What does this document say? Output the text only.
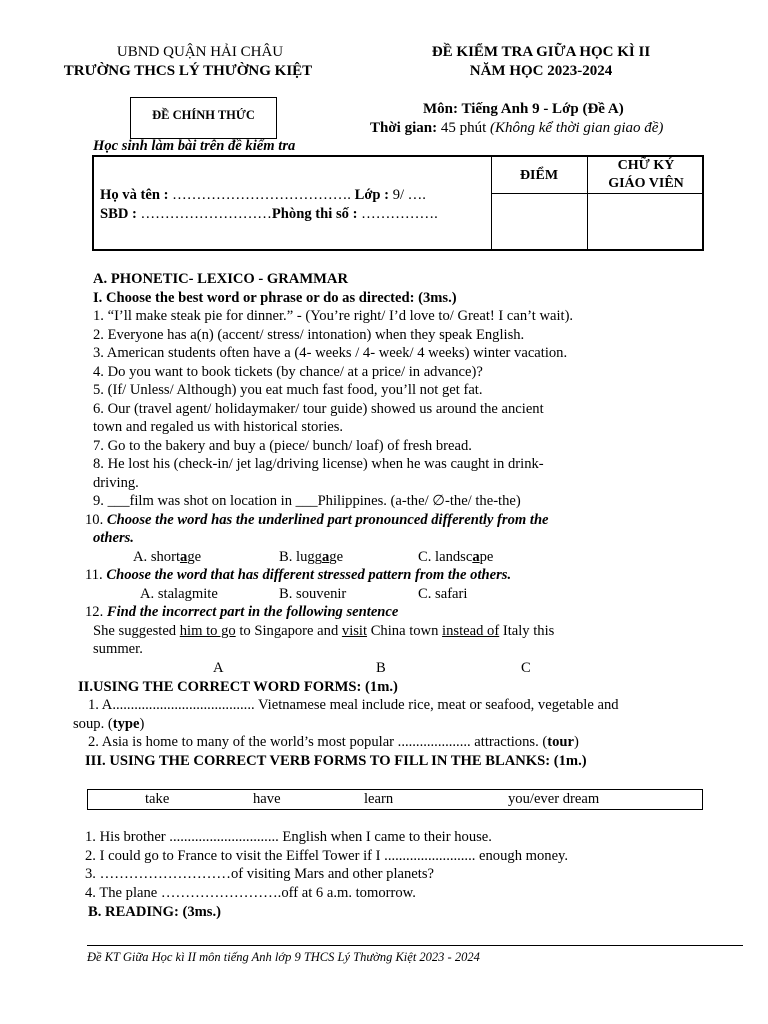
UBND QUẬN HẢI CHÂU
TRƯỜNG THCS LÝ THƯỜNG KIỆT
ĐỀ KIỂM TRA GIỮA HỌC KÌ II
NĂM HỌC 2023-2024
ĐỀ CHÍNH THỨC	Môn: Tiếng Anh 9 - Lớp (Đề A)
Thời gian: 45 phút (Không kể thời gian giao đề)
Học sinh làm bài trên đề kiểm tra
Họ và tên : ………………………………. Lớp : 9/ ….
SBD : ………………………Phòng thi số : …………….
ĐIỂM
CHỮ KÝ
GIÁO VIÊN
A. PHONETIC- LEXICO - GRAMMAR
I. Choose the best word or phrase or do as directed: (3ms.)
1. “I’ll make steak pie for dinner.” - (You’re right/ I’d love to/ Great! I can’t wait).
2. Everyone has a(n) (accent/ stress/ intonation) when they speak English.
3. American students often have a (4- weeks / 4- week/ 4 weeks) winter vacation.
4. Do you want to book tickets (by chance/ at a price/ in advance)?
5. (If/ Unless/ Although) you eat much fast food, you’ll not get fat.
6. Our (travel agent/ holidaymaker/ tour guide) showed us around the ancient
town and regaled us with historical stories.
7. Go to the bakery and buy a (piece/ bunch/ loaf) of fresh bread.
8. He lost his (check-in/ jet lag/driving license) when he was caught in drink-
driving.
9. ___film was shot on location in ___Philippines. (a-the/ ∅-the/ the-the)
10. Choose the word has the underlined part pronounced differently from the
others.
A. shortage	B. luggage	C. landscape
11. Choose the word that has different stressed pattern from the others.
A. stalagmite	B. souvenir	C. safari
12. Find the incorrect part in the following sentence
She suggested him to go to Singapore and visit China town instead of Italy this
summer.
A	B	C
II.USING THE CORRECT WORD FORMS: (1m.)
1. A....................................... Vietnamese meal include rice, meat or seafood, vegetable and
soup. (type)
2. Asia is home to many of the world’s most popular .................... attractions. (tour)
III. USING THE CORRECT VERB FORMS TO FILL IN THE BLANKS: (1m.)
take	have	learn	you/ever dream
1. His brother .............................. English when I came to their house.
2. I could go to France to visit the Eiffel Tower if I ......................... enough money.
3. ………………………of visiting Mars and other planets?
4. The plane …………………….off at 6 a.m. tomorrow.
B. READING: (3ms.)
Đề KT Giữa Học kì II môn tiếng Anh lớp 9 THCS Lý Thường Kiệt 2023 - 2024
